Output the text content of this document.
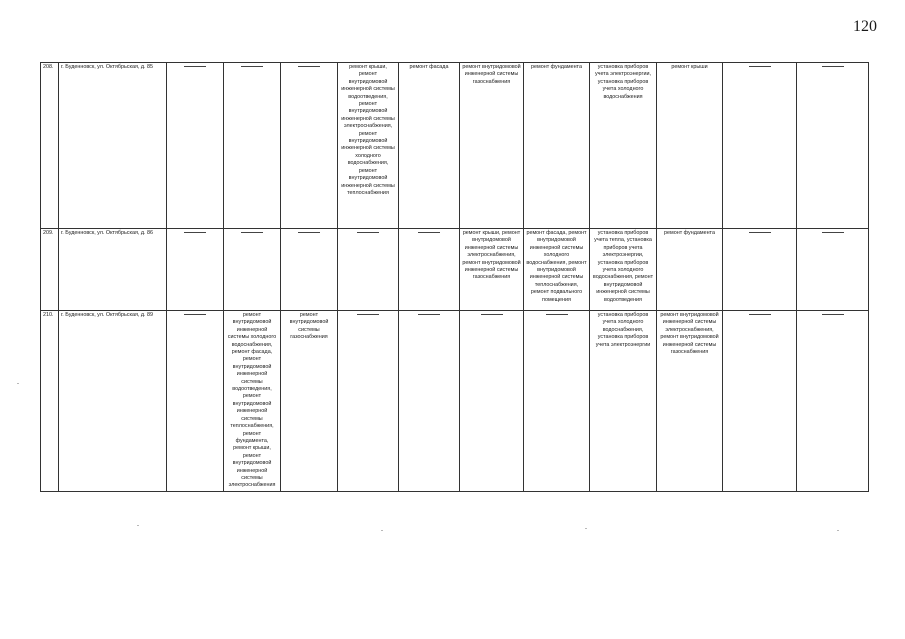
120
208.	г. Буденновск, ул. Октябрьская, д. 85				ремонт крыши, ремонт внутридомовой инженерной системы водоотведения, ремонт внутридомовой инженерной системы электроснабжения, ремонт внутридомовой инженерной системы холодного водоснабжения, ремонт внутридомовой инженерной системы теплоснабжения	ремонт фасада	ремонт внутридомовой инженерной системы газоснабжения	ремонт фундамента	установка приборов учета электроэнергии, установка приборов учета холодного водоснабжения	ремонт крыши	

209.	г. Буденновск, ул. Октябрьская, д. 86						ремонт крыши, ремонт внутридомовой инженерной системы электроснабжения, ремонт внутридомовой инженерной системы газоснабжения	ремонт фасада, ремонт внутридомовой инженерной системы холодного водоснабжения, ремонт внутридомовой инженерной системы теплоснабжения, ремонт подвального помещения	установка приборов учета тепла, установка приборов учета электроэнергии, установка приборов учета холодного водоснабжения, ремонт внутридомовой инженерной системы водоотведения	ремонт фундамента	

210.	г. Буденновск, ул. Октябрьская, д. 89		ремонт внутридомовой инженерной системы холодного водоснабжения, ремонт фасада, ремонт внутридомовой инженерной системы водоотведения, ремонт внутридомовой инженерной системы теплоснабжения, ремонт фундамента, ремонт крыши, ремонт внутридомовой инженерной системы электроснабжения	ремонт внутридомовой системы газоснабжения					установка приборов учета холодного водоснабжения, установка приборов учета электроэнергии	ремонт внутридомовой инженерной системы электроснабжения, ремонт внутридомовой инженерной системы газоснабжения	
